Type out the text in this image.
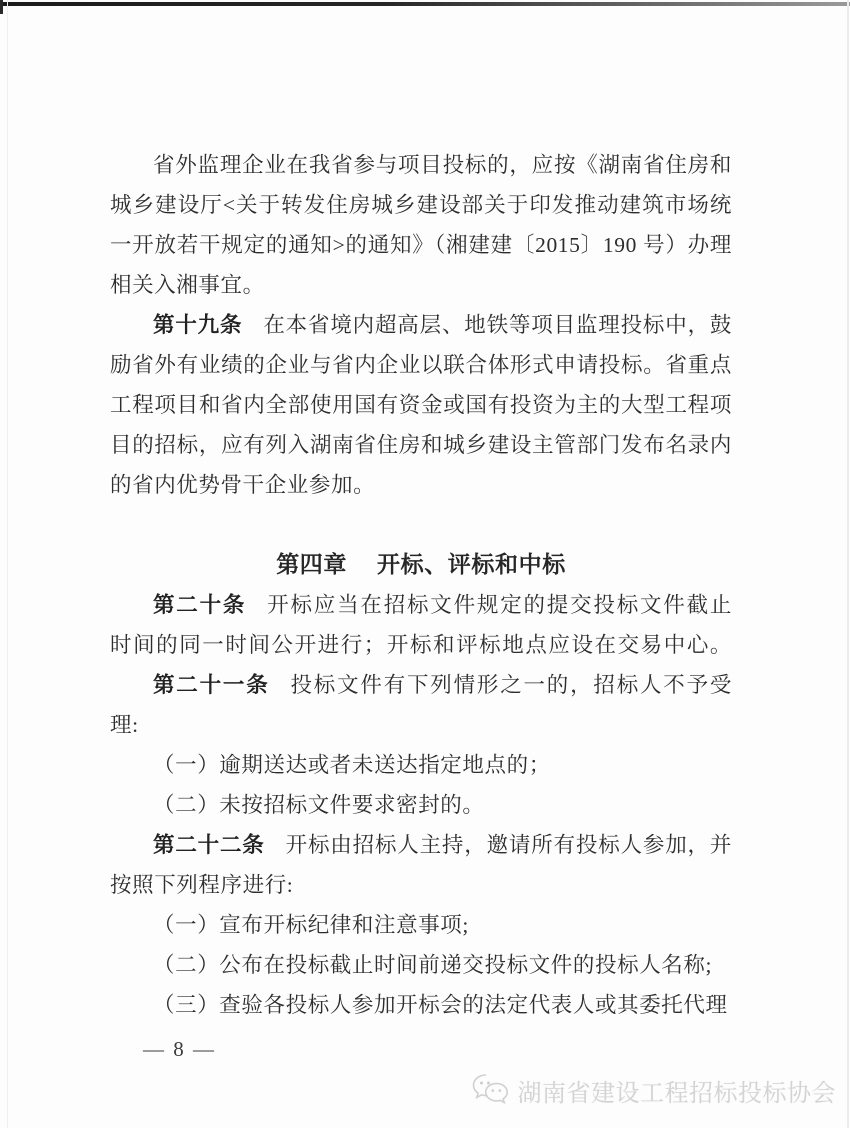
省外监理企业在我省参与项目投标的，应按《湖南省住房和
城乡建设厅<关于转发住房城乡建设部关于印发推动建筑市场统
一开放若干规定的通知>的通知》（湘建建〔2015〕190 号）办理
相关入湘事宜。
第十九条 在本省境内超高层、地铁等项目监理投标中，鼓
励省外有业绩的企业与省内企业以联合体形式申请投标。省重点
工程项目和省内全部使用国有资金或国有投资为主的大型工程项
目的招标，应有列入湖南省住房和城乡建设主管部门发布名录内
的省内优势骨干企业参加。
第四章 开标、评标和中标
第二十条 开标应当在招标文件规定的提交投标文件截止
时间的同一时间公开进行；开标和评标地点应设在交易中心。
第二十一条 投标文件有下列情形之一的，招标人不予受
理:
（一）逾期送达或者未送达指定地点的；
（二）未按招标文件要求密封的。
第二十二条 开标由招标人主持，邀请所有投标人参加，并
按照下列程序进行:
（一）宣布开标纪律和注意事项;
（二）公布在投标截止时间前递交投标文件的投标人名称;
（三）查验各投标人参加开标会的法定代表人或其委托代理
— 8 —
湖南省建设工程招标投标协会
